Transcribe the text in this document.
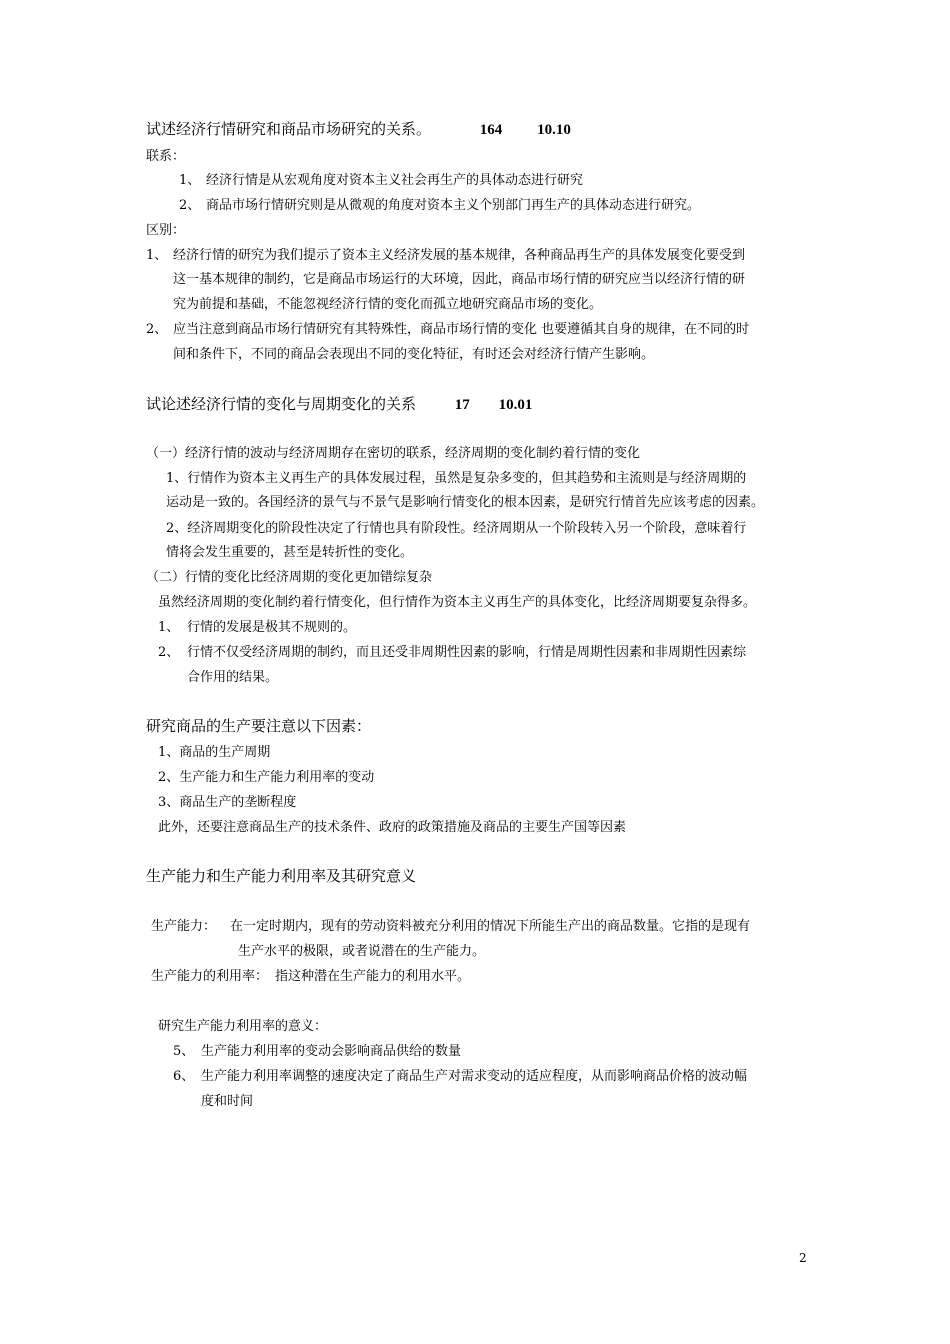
试述经济行情研究和商品市场研究的关系。	164 10.10
联系：
1、 经济行情是从宏观角度对资本主义社会再生产的具体动态进行研究
2、 商品市场行情研究则是从微观的角度对资本主义个别部门再生产的具体动态进行研究。
区别：
1、 经济行情的研究为我们提示了资本主义经济发展的基本规律，各种商品再生产的具体发展变化要受到
这一基本规律的制约，它是商品市场运行的大环境，因此，商品市场行情的研究应当以经济行情的研
究为前提和基础，不能忽视经济行情的变化而孤立地研究商品市场的变化。
2、 应当注意到商品市场行情研究有其特殊性，商品市场行情的变化 也要遵循其自身的规律，在不同的时
间和条件下，不同的商品会表现出不同的变化特征，有时还会对经济行情产生影响。
试论述经济行情的变化与周期变化的关系	17 10.01
（一）经济行情的波动与经济周期存在密切的联系，经济周期的变化制约着行情的变化
1、行情作为资本主义再生产的具体发展过程，虽然是复杂多变的，但其趋势和主流则是与经济周期的
运动是一致的。各国经济的景气与不景气是影响行情变化的根本因素，是研究行情首先应该考虑的因素。
2、经济周期变化的阶段性决定了行情也具有阶段性。经济周期从一个阶段转入另一个阶段，意味着行
情将会发生重要的，甚至是转折性的变化。
（二）行情的变化比经济周期的变化更加错综复杂
虽然经济周期的变化制约着行情变化，但行情作为资本主义再生产的具体变化，比经济周期要复杂得多。
1、 行情的发展是极其不规则的。
2、 行情不仅受经济周期的制约，而且还受非周期性因素的影响，行情是周期性因素和非周期性因素综
合作用的结果。
研究商品的生产要注意以下因素：
1、商品的生产周期
2、生产能力和生产能力利用率的变动
3、商品生产的垄断程度
此外，还要注意商品生产的技术条件、政府的政策措施及商品的主要生产国等因素
生产能力和生产能力利用率及其研究意义
生产能力： 在一定时期内，现有的劳动资料被充分利用的情况下所能生产出的商品数量。它指的是现有
生产水平的极限，或者说潜在的生产能力。
生产能力的利用率： 指这种潜在生产能力的利用水平。
研究生产能力利用率的意义：
5、 生产能力利用率的变动会影响商品供给的数量
6、 生产能力利用率调整的速度决定了商品生产对需求变动的适应程度，从而影响商品价格的波动幅
度和时间
2
